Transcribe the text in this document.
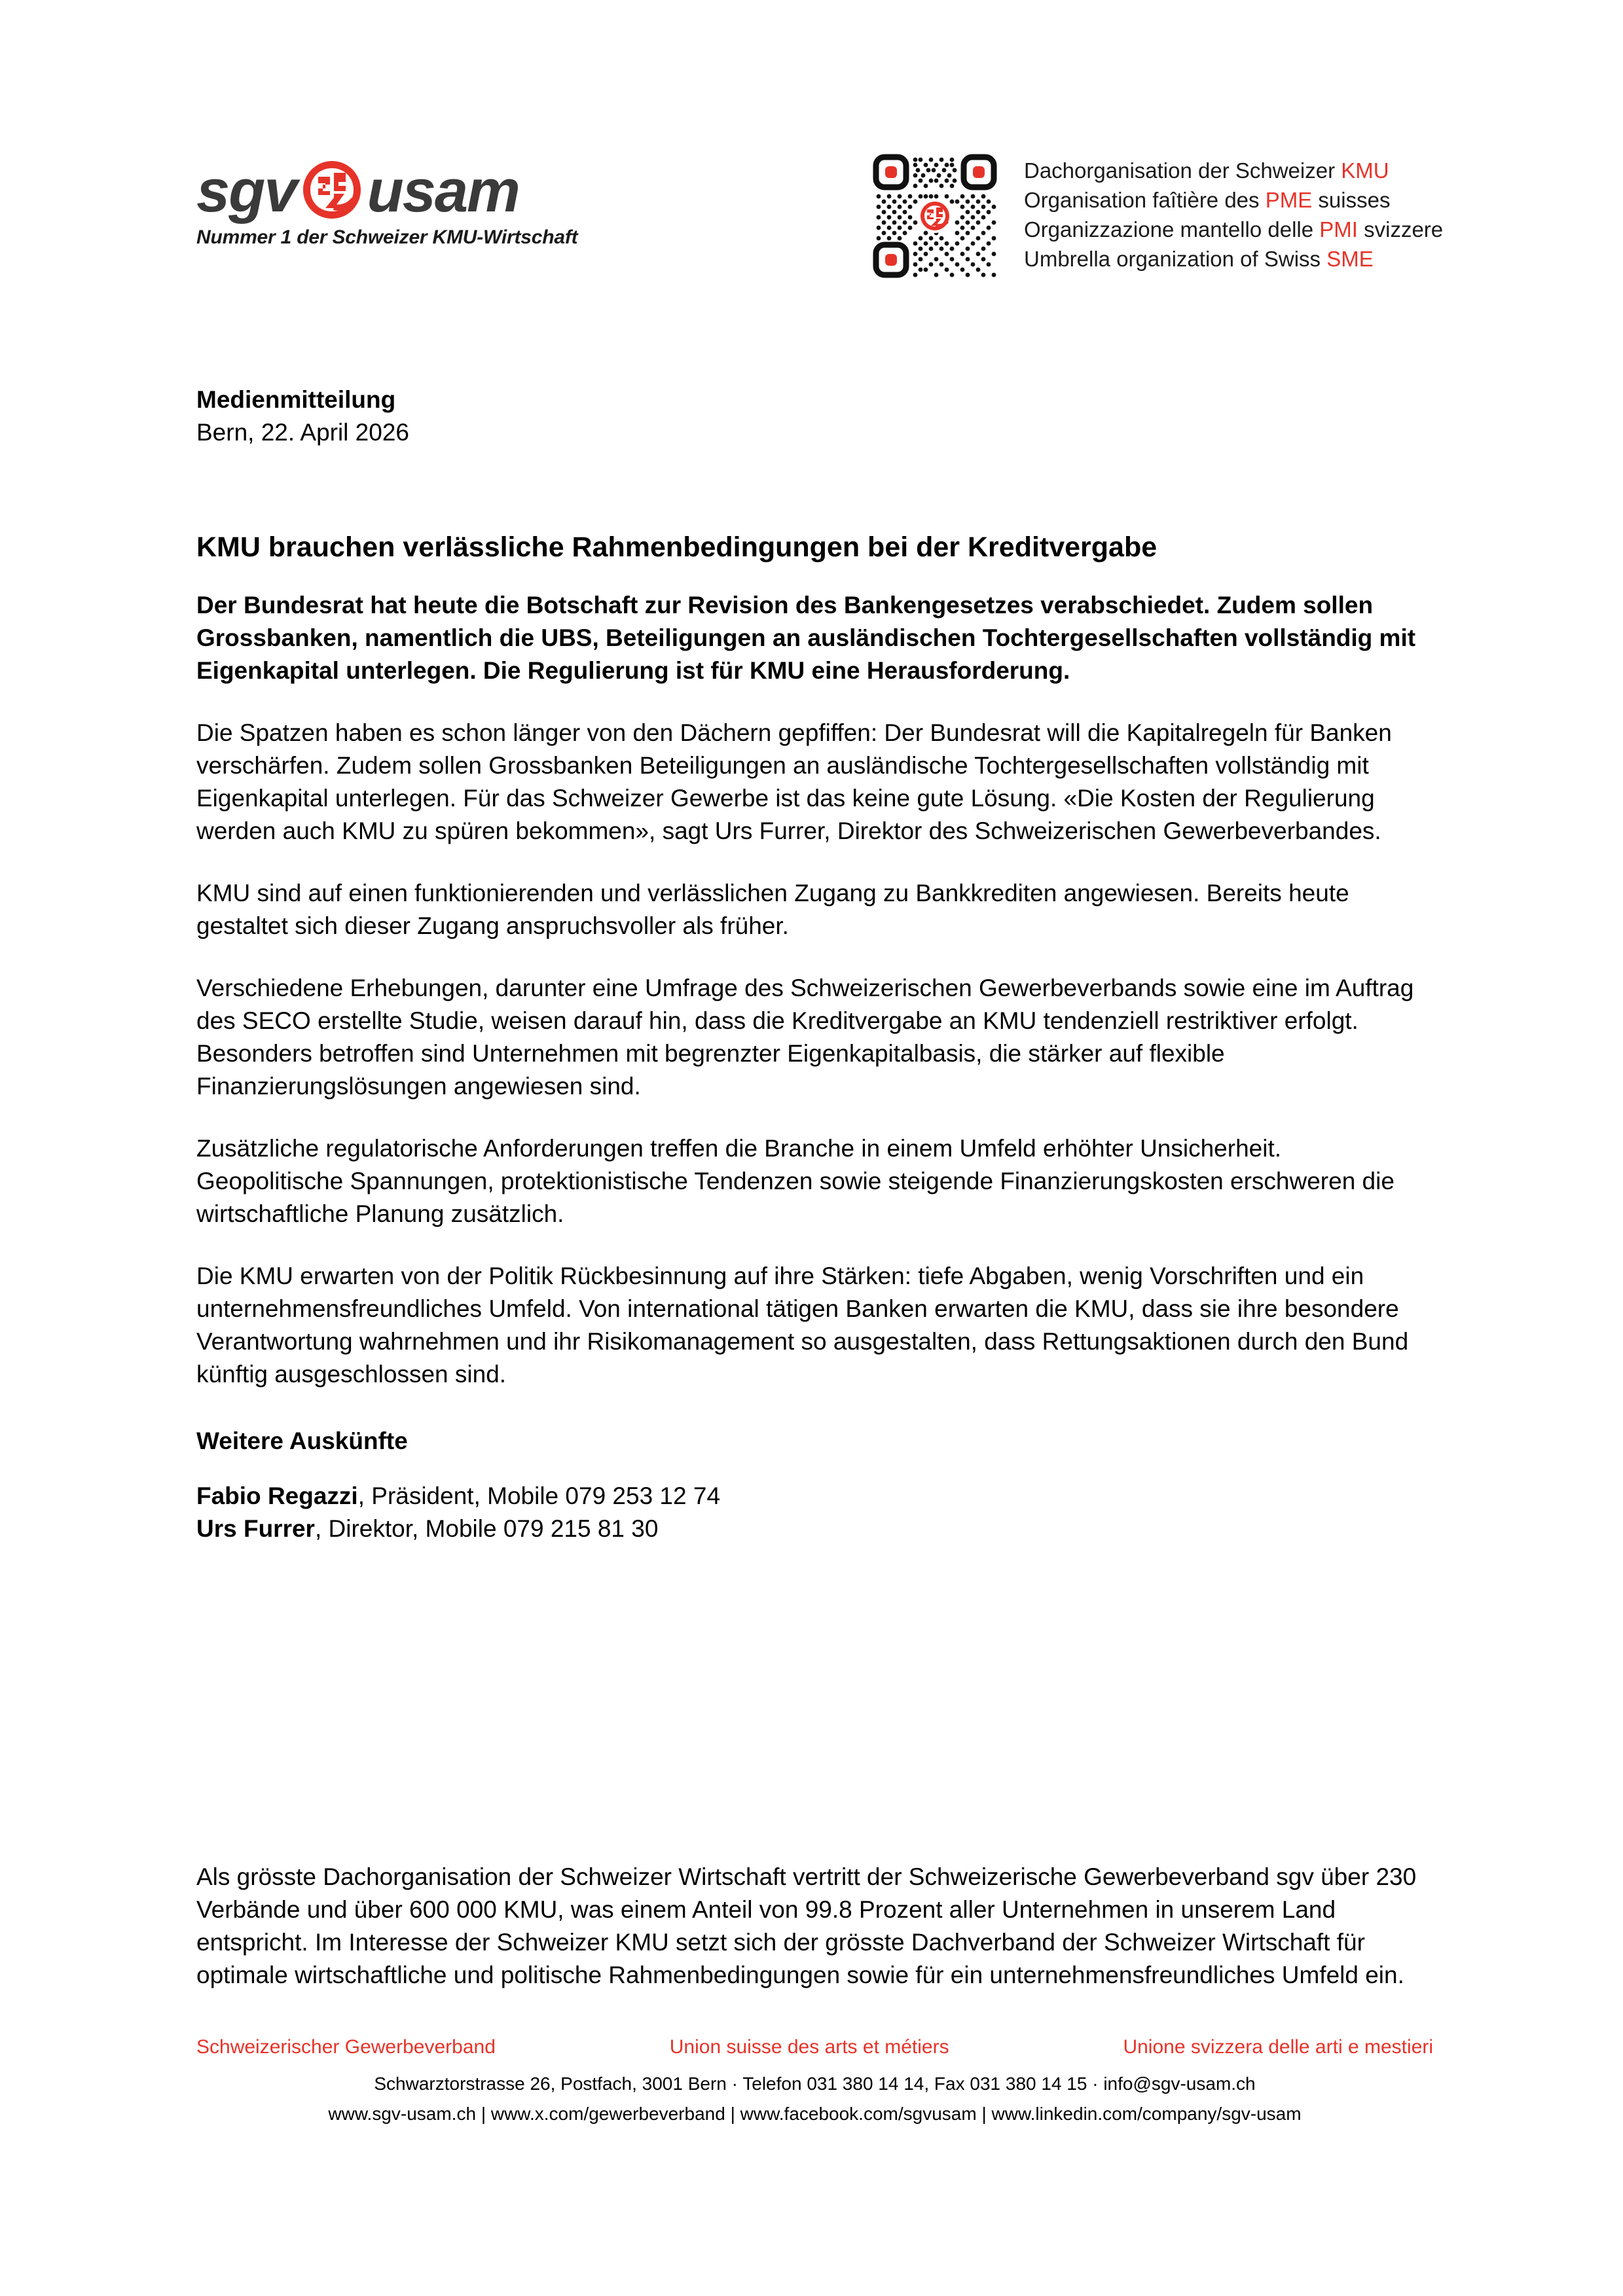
sgv usam
Nummer 1 der Schweizer KMU-Wirtschaft
Dachorganisation der Schweizer KMU
Organisation faîtière des PME suisses
Organizzazione mantello delle PMI svizzere
Umbrella organization of Swiss SME
Medienmitteilung
Bern, 22. April 2026
KMU brauchen verlässliche Rahmenbedingungen bei der Kreditvergabe

Der Bundesrat hat heute die Botschaft zur Revision des Bankengesetzes verabschiedet. Zudem sollen Grossbanken, namentlich die UBS, Beteiligungen an ausländischen Tochtergesellschaften vollständig mit Eigenkapital unterlegen. Die Regulierung ist für KMU eine Herausforderung.

Die Spatzen haben es schon länger von den Dächern gepfiffen: Der Bundesrat will die Kapitalregeln für Banken verschärfen. Zudem sollen Grossbanken Beteiligungen an ausländische Tochtergesellschaften vollständig mit Eigenkapital unterlegen. Für das Schweizer Gewerbe ist das keine gute Lösung. «Die Kosten der Regulierung werden auch KMU zu spüren bekommen», sagt Urs Furrer, Direktor des Schweizerischen Gewerbeverbandes.

KMU sind auf einen funktionierenden und verlässlichen Zugang zu Bankkrediten angewiesen. Bereits heute gestaltet sich dieser Zugang anspruchsvoller als früher.

Verschiedene Erhebungen, darunter eine Umfrage des Schweizerischen Gewerbeverbands sowie eine im Auftrag des SECO erstellte Studie, weisen darauf hin, dass die Kreditvergabe an KMU tendenziell restriktiver erfolgt. Besonders betroffen sind Unternehmen mit begrenzter Eigenkapitalbasis, die stärker auf flexible Finanzierungslösungen angewiesen sind.

Zusätzliche regulatorische Anforderungen treffen die Branche in einem Umfeld erhöhter Unsicherheit. Geopolitische Spannungen, protektionistische Tendenzen sowie steigende Finanzierungskosten erschweren die wirtschaftliche Planung zusätzlich.

Die KMU erwarten von der Politik Rückbesinnung auf ihre Stärken: tiefe Abgaben, wenig Vorschriften und ein unternehmensfreundliches Umfeld. Von international tätigen Banken erwarten die KMU, dass sie ihre besondere Verantwortung wahrnehmen und ihr Risikomanagement so ausgestalten, dass Rettungsaktionen durch den Bund künftig ausgeschlossen sind.

Weitere Auskünfte
Fabio Regazzi, Präsident, Mobile 079 253 12 74
Urs Furrer, Direktor, Mobile 079 215 81 30

Als grösste Dachorganisation der Schweizer Wirtschaft vertritt der Schweizerische Gewerbeverband sgv über 230 Verbände und über 600 000 KMU, was einem Anteil von 99.8 Prozent aller Unternehmen in unserem Land entspricht. Im Interesse der Schweizer KMU setzt sich der grösste Dachverband der Schweizer Wirtschaft für optimale wirtschaftliche und politische Rahmenbedingungen sowie für ein unternehmensfreundliches Umfeld ein.

Schweizerischer Gewerbeverband	Union suisse des arts et métiers	Unione svizzera delle arti e mestieri
Schwarztorstrasse 26, Postfach, 3001 Bern · Telefon 031 380 14 14, Fax 031 380 14 15 · info@sgv-usam.ch
www.sgv-usam.ch | www.x.com/gewerbeverband | www.facebook.com/sgvusam | www.linkedin.com/company/sgv-usam
